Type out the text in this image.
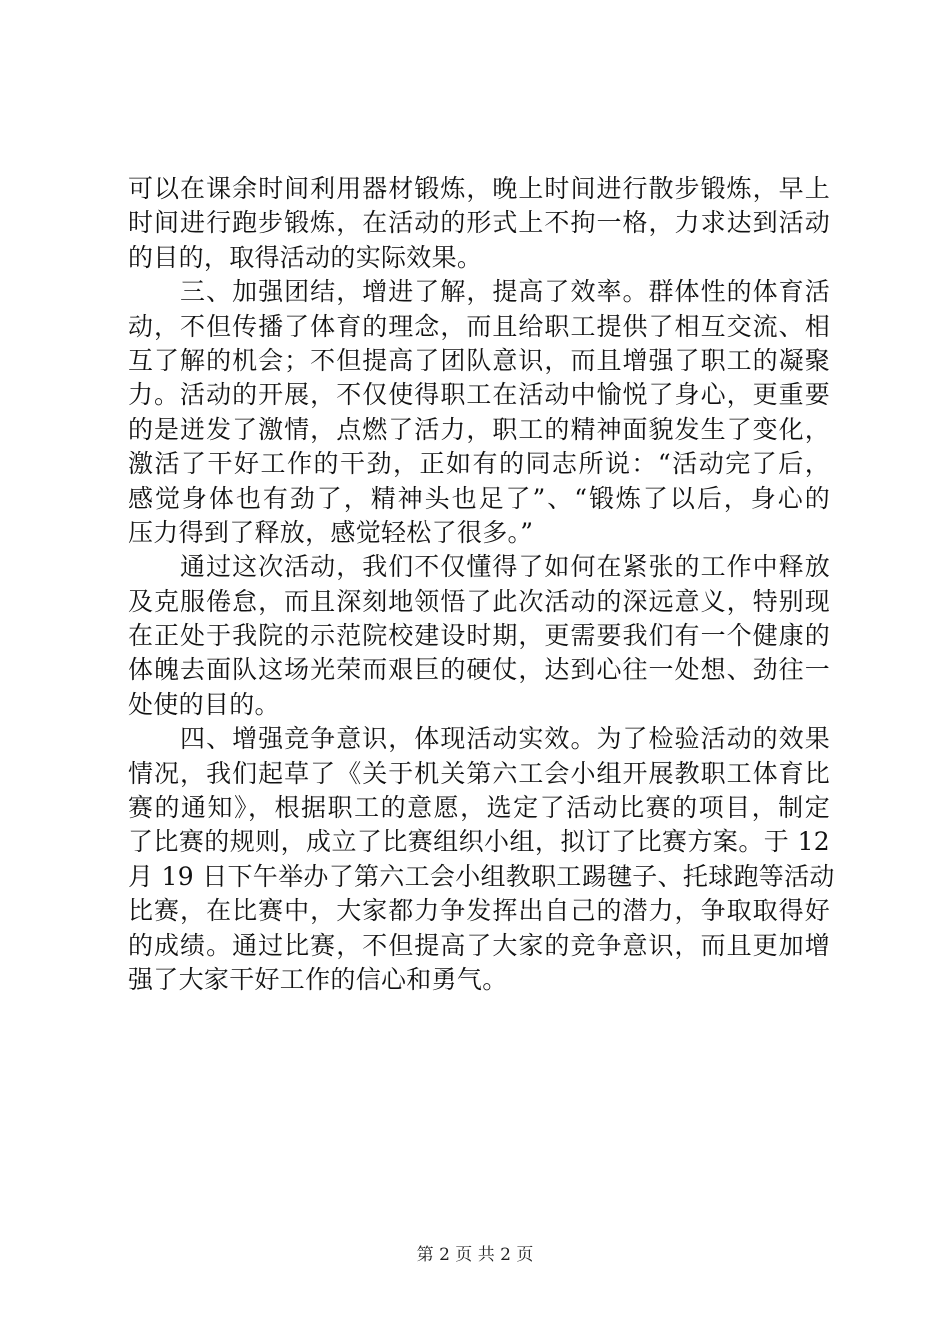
可以在课余时间利用器材锻炼，晚上时间进行散步锻炼，早上
时间进行跑步锻炼，在活动的形式上不拘一格，力求达到活动
的目的，取得活动的实际效果。
　　三、加强团结，增进了解，提高了效率。群体性的体育活
动，不但传播了体育的理念，而且给职工提供了相互交流、相
互了解的机会；不但提高了团队意识，而且增强了职工的凝聚
力。活动的开展，不仅使得职工在活动中愉悦了身心，更重要
的是迸发了激情，点燃了活力，职工的精神面貌发生了变化，
激活了干好工作的干劲，正如有的同志所说：“活动完了后，
感觉身体也有劲了，精神头也足了”、“锻炼了以后，身心的
压力得到了释放，感觉轻松了很多。”
　　通过这次活动，我们不仅懂得了如何在紧张的工作中释放
及克服倦怠，而且深刻地领悟了此次活动的深远意义，特别现
在正处于我院的示范院校建设时期，更需要我们有一个健康的
体魄去面队这场光荣而艰巨的硬仗，达到心往一处想、劲往一
处使的目的。
　　四、增强竞争意识，体现活动实效。为了检验活动的效果
情况，我们起草了《关于机关第六工会小组开展教职工体育比
赛的通知》，根据职工的意愿，选定了活动比赛的项目，制定
了比赛的规则，成立了比赛组织小组，拟订了比赛方案。于 12
月 19 日下午举办了第六工会小组教职工踢毽子、托球跑等活动
比赛，在比赛中，大家都力争发挥出自己的潜力，争取取得好
的成绩。通过比赛，不但提高了大家的竞争意识，而且更加增
强了大家干好工作的信心和勇气。
第 2 页 共 2 页
